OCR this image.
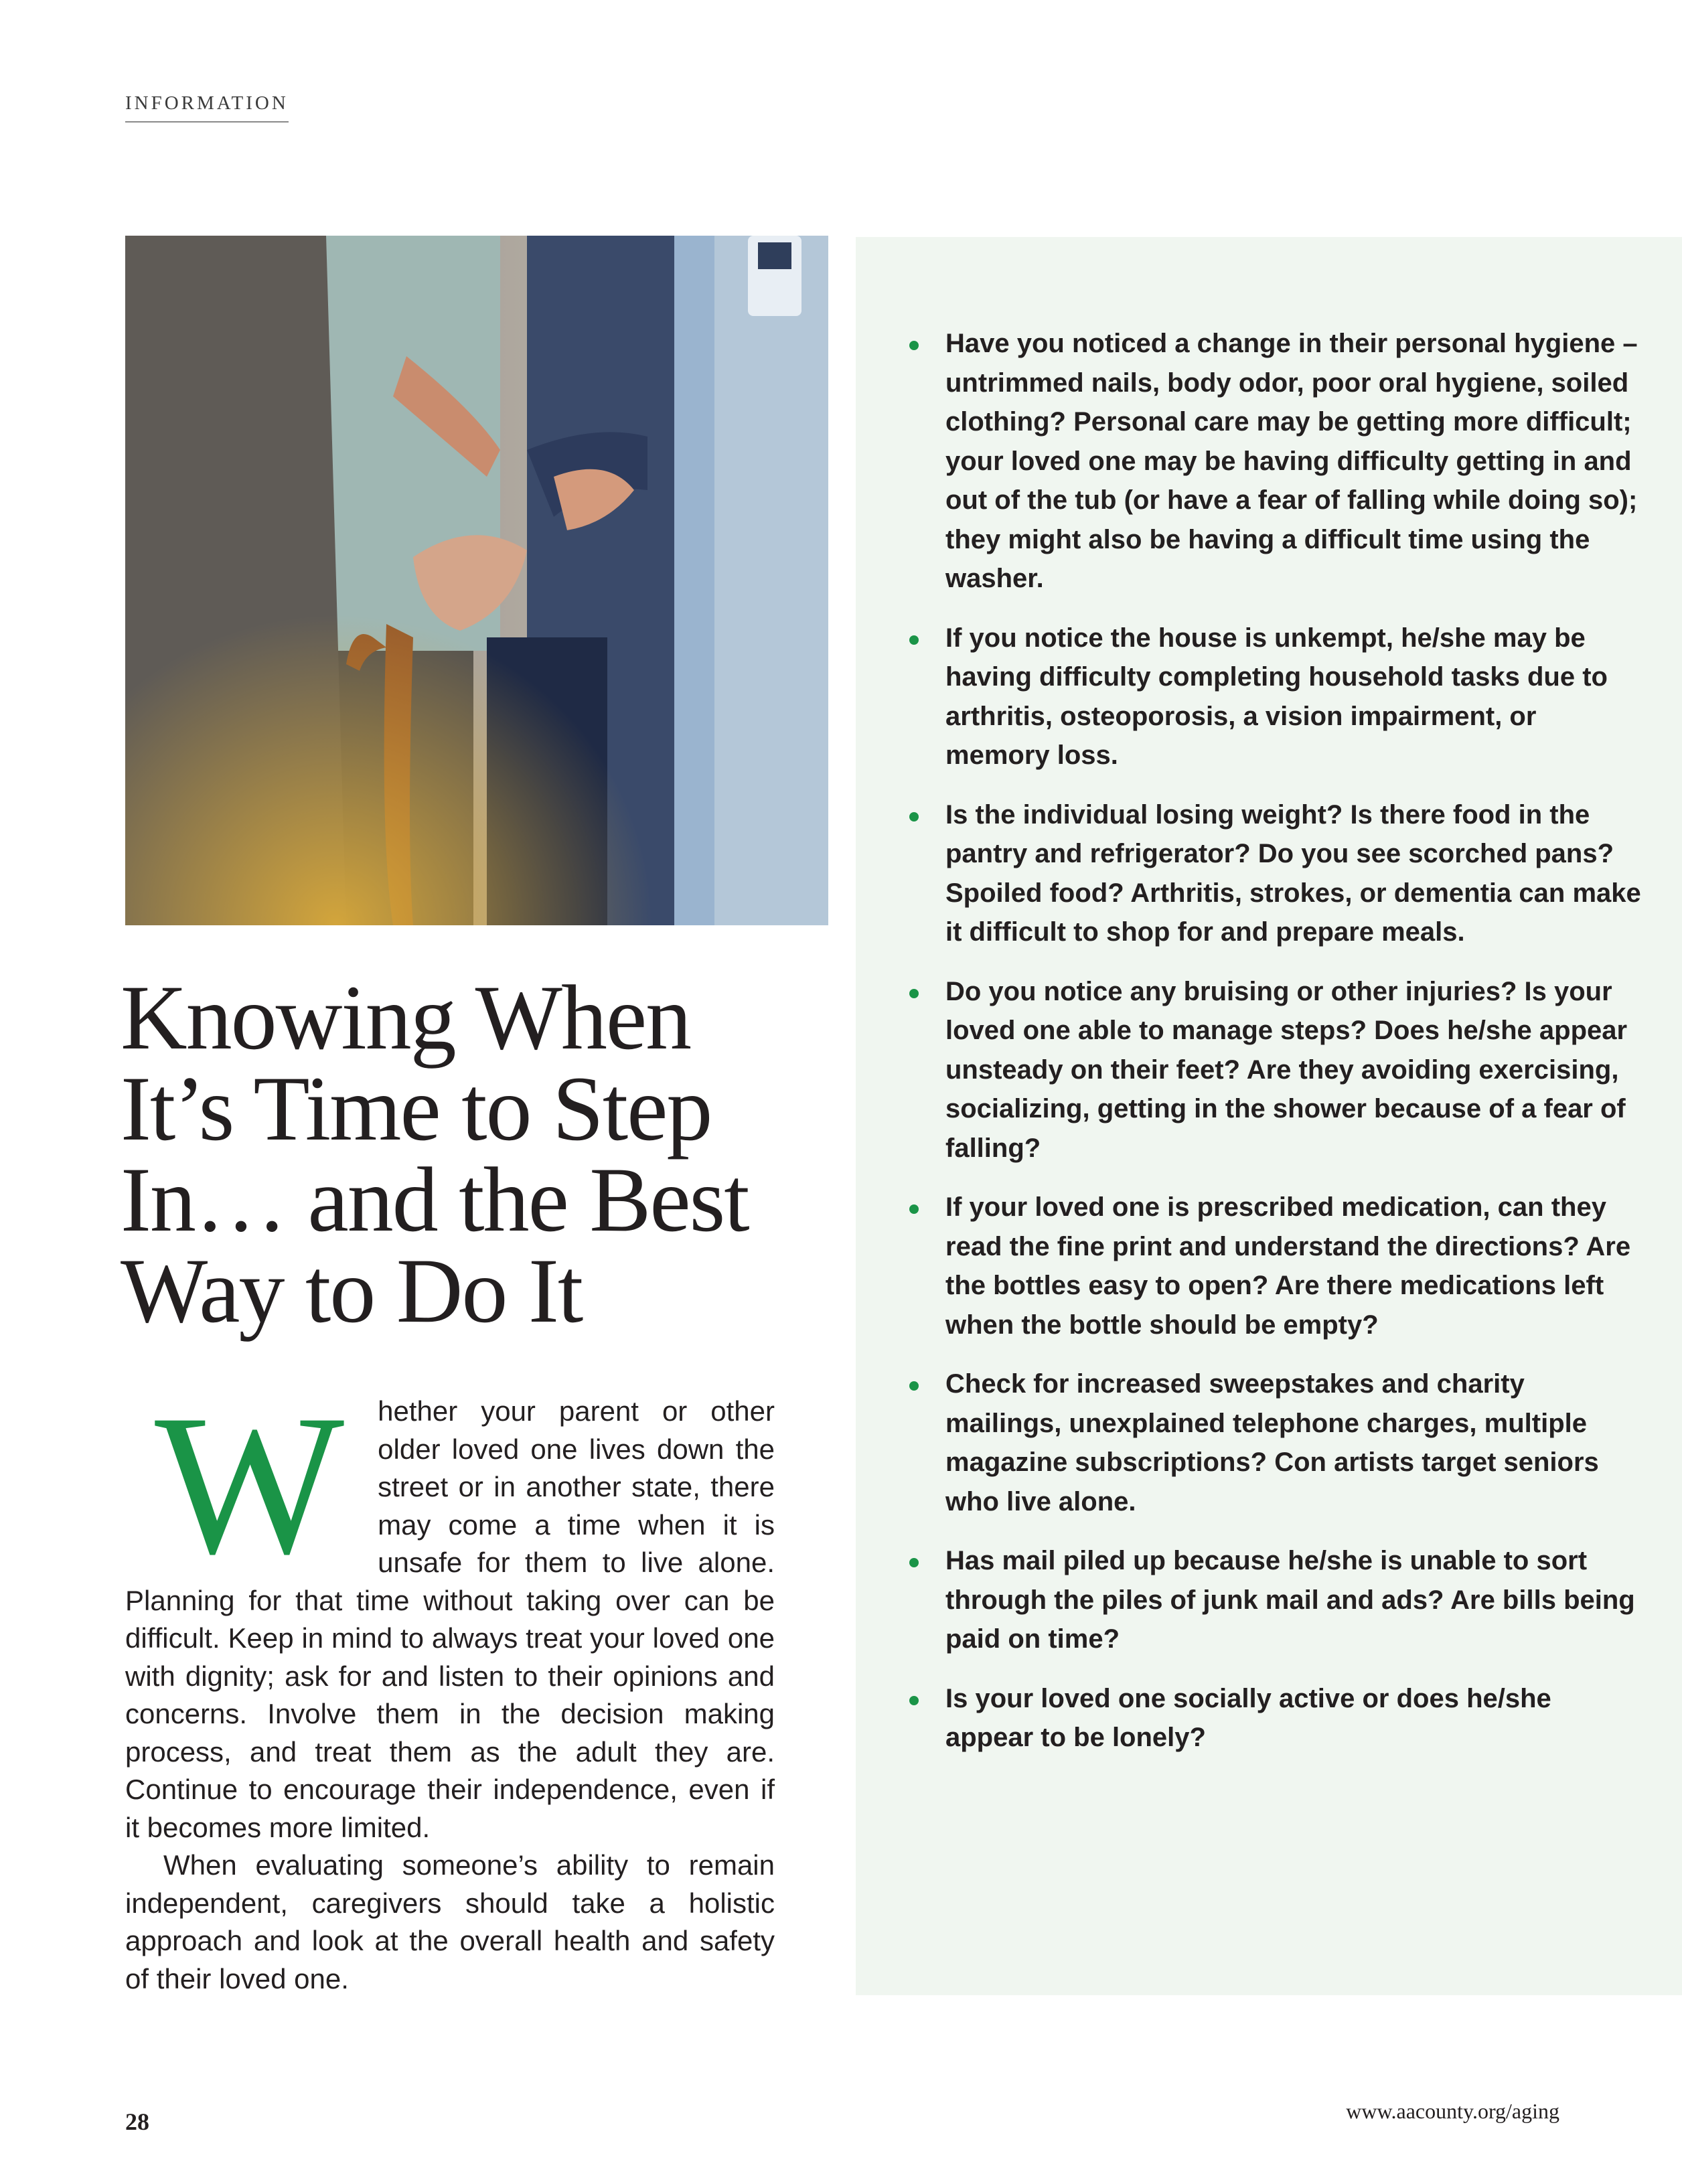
INFORMATION
Knowing When
It’s Time to Step
In… and the Best
Way to Do It
W	hether your parent or other older loved one lives down the street or in another state, there may come a time when it is unsafe for them to live alone. Planning for that time without taking over can be difficult. Keep in mind to always treat your loved one with dignity; ask for and listen to their opinions and concerns. Involve them in the decision making process, and treat them as the adult they are. Continue to encourage their independence, even if it becomes more limited.

When evaluating someone’s ability to remain independent, caregivers should take a holistic approach and look at the overall health and safety of their loved one.

Have you noticed a change in their personal hygiene – untrimmed nails, body odor, poor oral hygiene, soiled clothing? Personal care may be getting more difficult; your loved one may be having difficulty getting in and out of the tub (or have a fear of falling while doing so); they might also be having a difficult time using the washer.
If you notice the house is unkempt, he/she may be having difficulty completing household tasks due to arthritis, osteoporosis, a vision impairment, or memory loss.
Is the individual losing weight? Is there food in the pantry and refrigerator? Do you see scorched pans? Spoiled food? Arthritis, strokes, or dementia can make it difficult to shop for and prepare meals.
Do you notice any bruising or other injuries? Is your loved one able to manage steps? Does he/she appear unsteady on their feet? Are they avoiding exercising, socializing, getting in the shower because of a fear of falling?
If your loved one is prescribed medication, can they read the fine print and understand the directions? Are the bottles easy to open? Are there medications left when the bottle should be empty?
Check for increased sweepstakes and charity mailings, unexplained telephone charges, multiple magazine subscriptions? Con artists target seniors who live alone.
Has mail piled up because he/she is unable to sort through the piles of junk mail and ads? Are bills being paid on time?
Is your loved one socially active or does he/she appear to be lonely?
28	www.aacounty.org/aging
